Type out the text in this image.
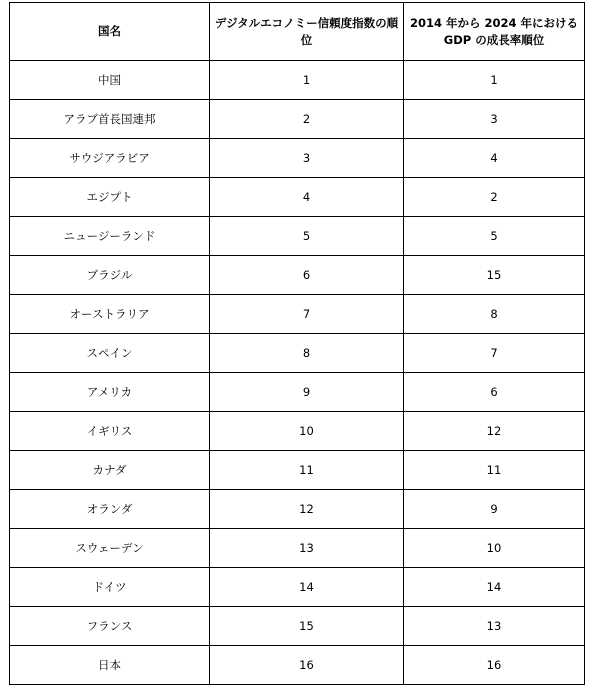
国名	デジタルエコノミー信頼度指数の順位	2014 年から 2024 年における
GDP の成長率順位

中国	1	1
アラブ首長国連邦	2	3
サウジアラビア	3	4
エジプト	4	2
ニュージーランド	5	5
ブラジル	6	15
オーストラリア	7	8
スペイン	8	7
アメリカ	9	6
イギリス	10	12
カナダ	11	11
オランダ	12	9
スウェーデン	13	10
ドイツ	14	14
フランス	15	13
日本	16	16
